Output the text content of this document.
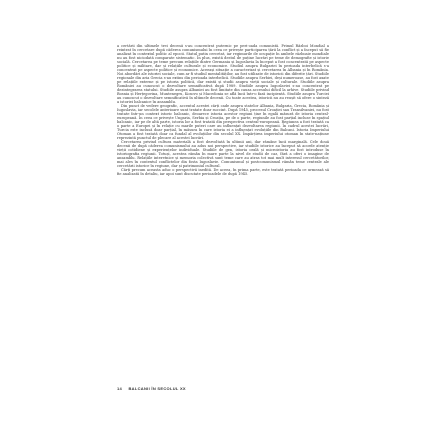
a certării din ultimele trei decenii s-au concentrat puternic pe peri-oada comunistă. Primul Război Mondial a reintrat în cercetare după căderea comunismului în ceea ce privește participarea țării la conflict și a început să fie analizat în contextul politic al epocii. Statul putin cercetat, iar regimurile de ocupație în ambele războaie mondiale nu au fost niciodată comparate sistematic. În plus, există destul de puține lucrări pe teme de demografie și istorie socială. Cercetarea pe teme precum relațiile dintre Germania și Iugoslavia la început a fost concentrată pe aspecte politice și militare, dar și relațiile culturale și economice. Studiul asupra Bulgariei în perioada interbelică s-a concentrat pe aspecte politice și economice. Aceeași situație a caracterizat și cercetarea în Albania și în România. Noi abordări ale istoriei sociale, cum ar fi studiul mentalităților, au fost utilizate de istoricii din diferite țări. Studiile regionale din aria Grecia s-au extins din perioada interbelică. Studiile asupra Serbiei, deși numeroase, au fost axate pe relațiile externe și pe istoria politică, dar există și studii asupra vieții sociale și culturale. Studiile asupra României au cunoscut o dezvoltare semnificativă după 1989. Studiile asupra Iugoslaviei s-au concentrat pe dezintegrarea statului. Studiile asupra Albaniei au fost limitate din cauza accesului dificil la arhive. Studiile privind Bosnia și Herțegovina, Muntenegru, Kosovo și Macedonia se află încă într-o fază incipientă. Studiile asupra Turciei au cunoscut o dezvoltare semnificativă în ultimele decenii. Cu toate acestea, istoricii nu au reușit să ofere o sinteză a istoriei balcanice în ansamblu.

Din punct de vedere geografic, accentul acestei cărți cade asupra statelor Albania, Bulgaria, Grecia, România și Iugoslavia, iar secolele anterioare sunt tratate doar succint. După 1945, procesul Croației sau Transilvaniei, nu fost tratate într-un context istoric balcanic, deoarece istoria acestor regiuni ține în egală măsură de istoria central-europeană. În ceea ce privește Ungaria, Serbia și Croația, pe de o parte, regiunile au fost parțial incluse în spațiul balcanic, iar pe de altă parte, istoria lor a fost tratată din perspectiva central-europeană. Regiunea a fost tratată ca o parte a Europei și în relație cu marile puteri care au influențat dezvoltarea regiunii. În cadrul acestei lucrări, Turcia este inclusă doar parțial, în măsura în care istoria ei a influențat evoluțiile din Balcani. Istoria Imperiului Otoman a fost tratată doar ca fundal al evoluțiilor din secolul XX. Împărțirea imperiului otoman în state-națiune reprezintă punctul de plecare al acestei lucrări.

Cercetarea privind cultura materială a fost dezvoltată în ultimii ani, dar rămâne încă marginală. Cele două decenii de după căderea comunismului au adus noi perspective, iar studiile istorice au început să acorde atenție vieții cotidiene și experiențelor individuale. Studiile de gen, istoria orală și microistoria au fost introduse în istoriografia regiunii. Totuși, acestea rămân în mare parte la nivel de studii de caz, fără a oferi o imagine de ansamblu. Relațiile interetnice și memoria colectivă sunt teme care au atras tot mai mult interesul cercetătorilor, mai ales în contextul conflictelor din fosta Iugoslavie. Comunismul și postcomunismul rămân teme centrale ale cercetării istorice în regiune, dar și patrimoniul cultural.

Cărți precum aceasta aduc o perspectivă inedită. De aceea, în prima parte, este tratată perioada ce urmează să fie analizată în detaliu, iar apoi sunt discutate perioadele de după 1945.

14 BALCANII ÎN SECOLUL XX
